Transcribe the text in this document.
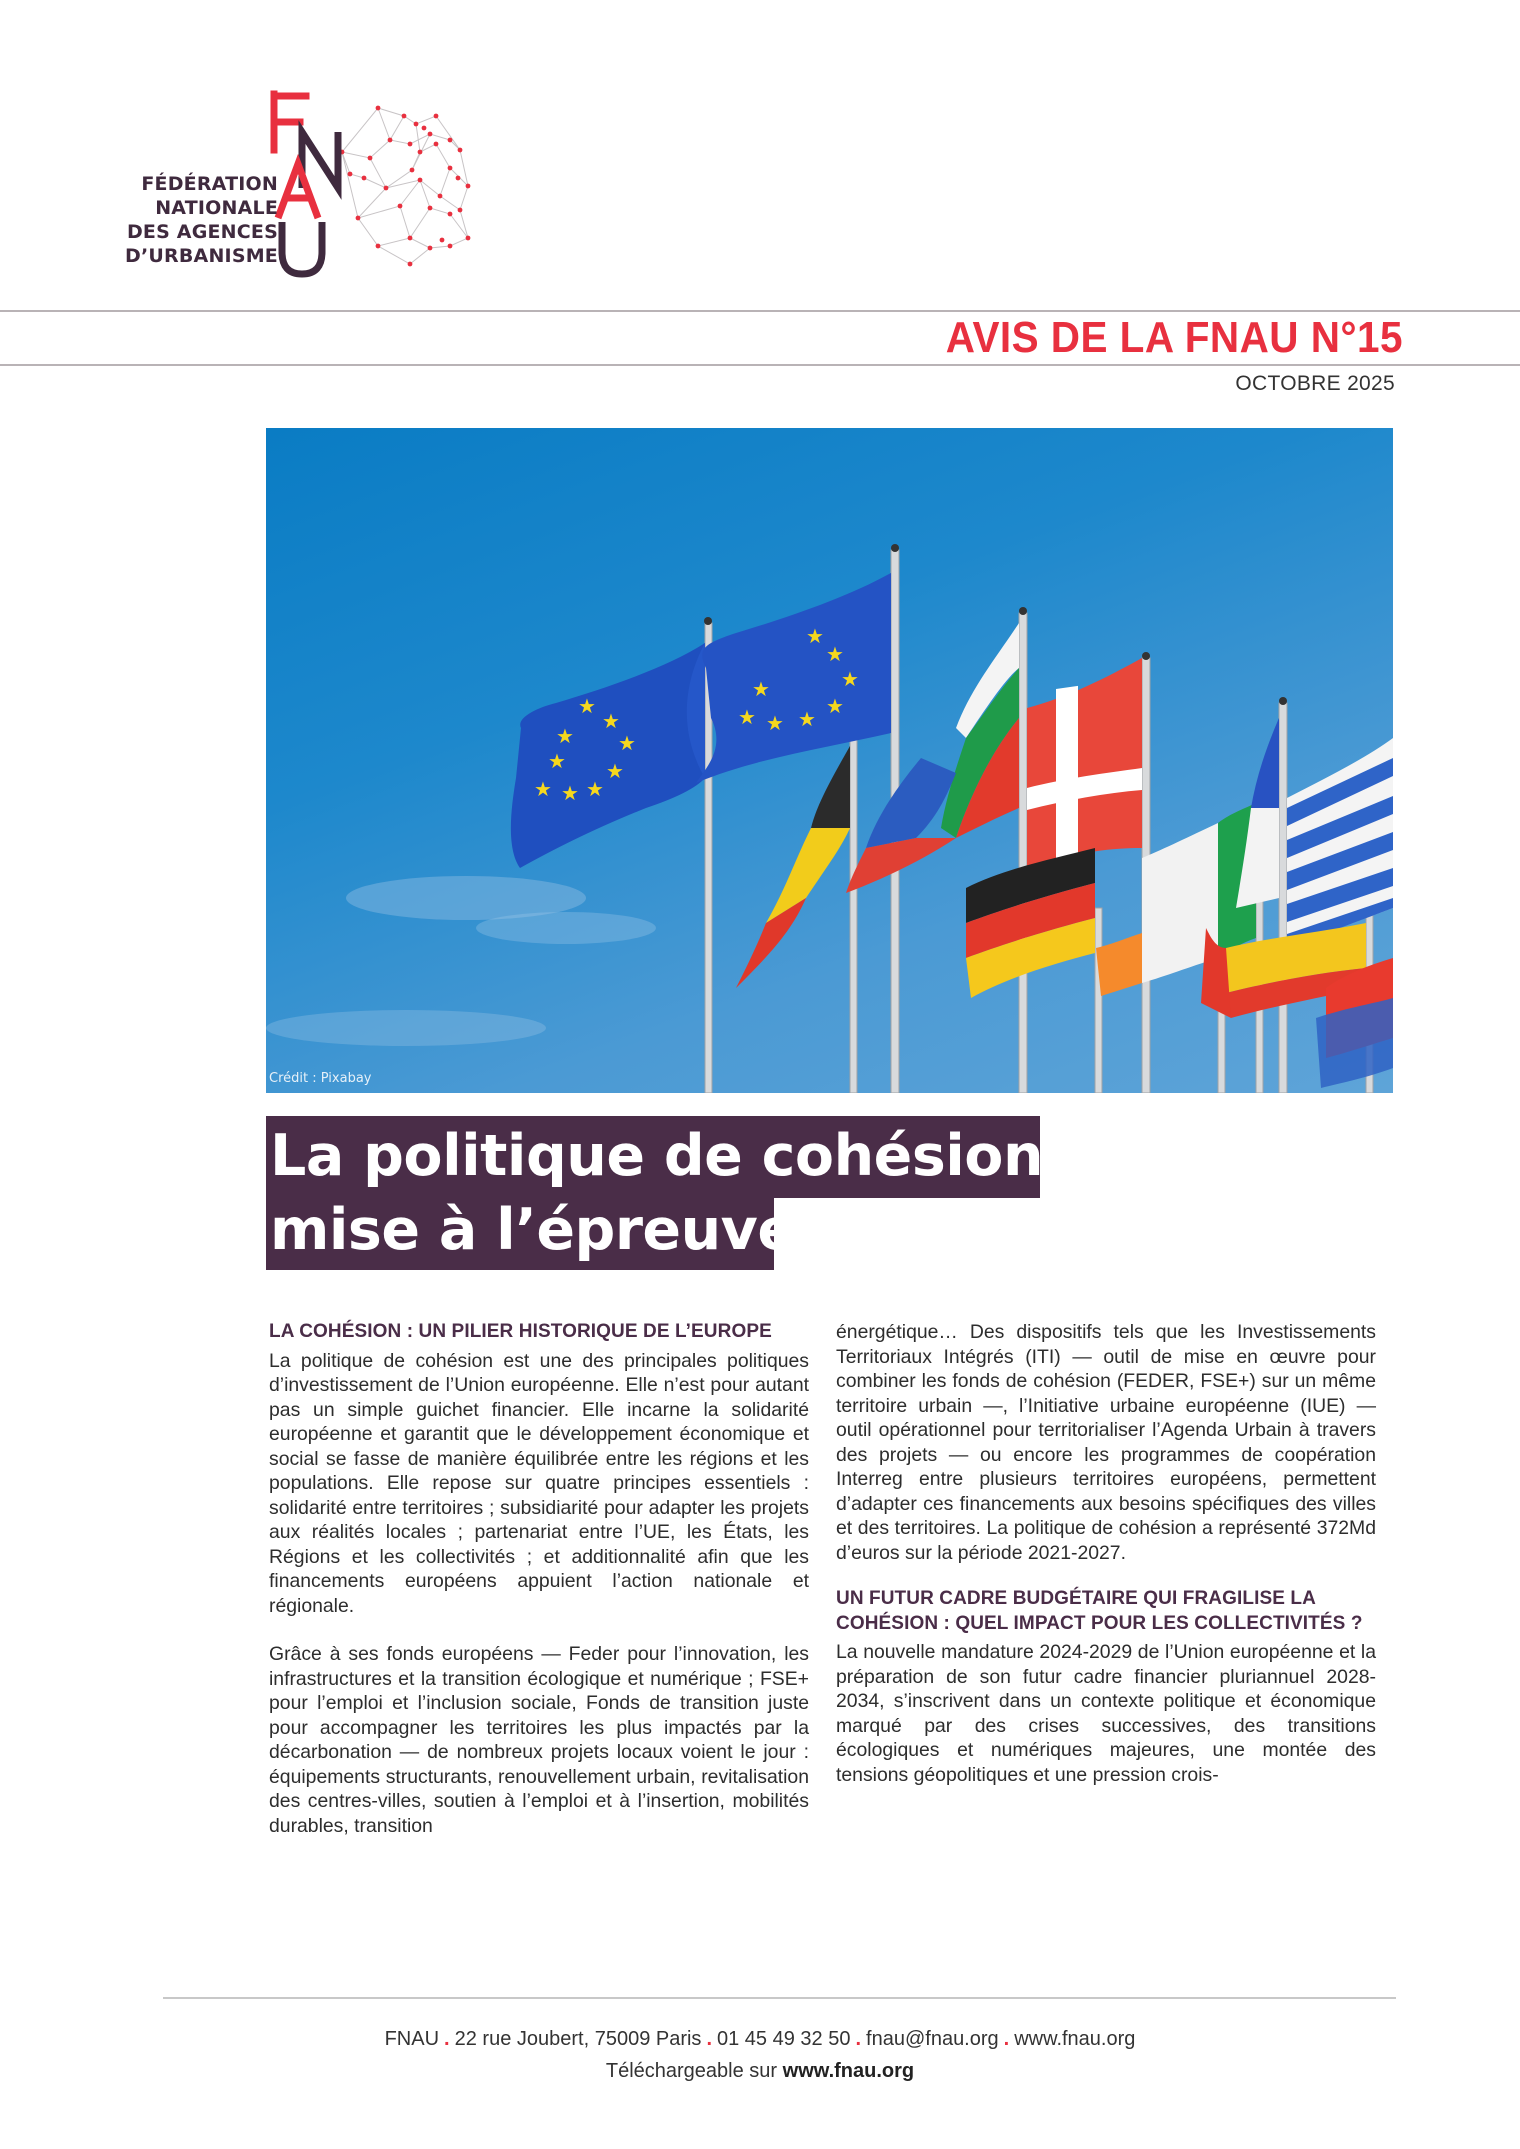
FÉDÉRATION
NATIONALE
DES AGENCES
D’URBANISME
AVIS DE LA FNAU N°15
OCTOBRE 2025
★
★
★
★
★
★
★
★
★
★
★
★
★
★
★
★
★
Crédit : Pixabay
La politique de cohésion
mise à l’épreuve
LA COHÉSION : UN PILIER HISTORIQUE DE L’EUROPE

La politique de cohésion est une des principales politiques d’investissement de l’Union européenne. Elle n’est pour autant pas un simple guichet financier. Elle incarne la solidarité européenne et garantit que le développement économique et social se fasse de manière équilibrée entre les régions et les populations. Elle repose sur quatre principes essentiels : solidarité entre territoires ; subsidiarité pour adapter les projets aux réalités locales ; partenariat entre l’UE, les États, les Régions et les collectivités ; et additionnalité afin que les financements européens appuient l’action nationale et régionale.

Grâce à ses fonds européens — Feder pour l’innovation, les infrastructures et la transition écologique et numérique ; FSE+ pour l’emploi et l’inclusion sociale, Fonds de transition juste pour accompagner les territoires les plus impactés par la décarbonation — de nombreux projets locaux voient le jour : équipements structurants, renouvellement urbain, revitalisation des centres-villes, soutien à l’emploi et à l’insertion, mobilités durables, transition

énergétique… Des dispositifs tels que les Investissements Territoriaux Intégrés (ITI) — outil de mise en œuvre pour combiner les fonds de cohésion (FEDER, FSE+) sur un même territoire urbain —, l’Initiative urbaine européenne (IUE) — outil opérationnel pour territorialiser l’Agenda Urbain à travers des projets — ou encore les programmes de coopération Interreg entre plusieurs territoires européens, permettent d’adapter ces financements aux besoins spécifiques des villes et des territoires. La politique de cohésion a représenté 372Md d’euros sur la période 2021-2027.

UN FUTUR CADRE BUDGÉTAIRE QUI FRAGILISE LA COHÉSION : QUEL IMPACT POUR LES COLLECTIVITÉS ?

La nouvelle mandature 2024-2029 de l’Union européenne et la préparation de son futur cadre financier pluriannuel 2028-2034, s’inscrivent dans un contexte politique et économique marqué par des crises successives, des transitions écologiques et numériques majeures, une montée des tensions géopolitiques et une pression crois-

FNAU . 22 rue Joubert, 75009 Paris . 01 45 49 32 50 . fnau@fnau.org . www.fnau.org
Téléchargeable sur www.fnau.org
